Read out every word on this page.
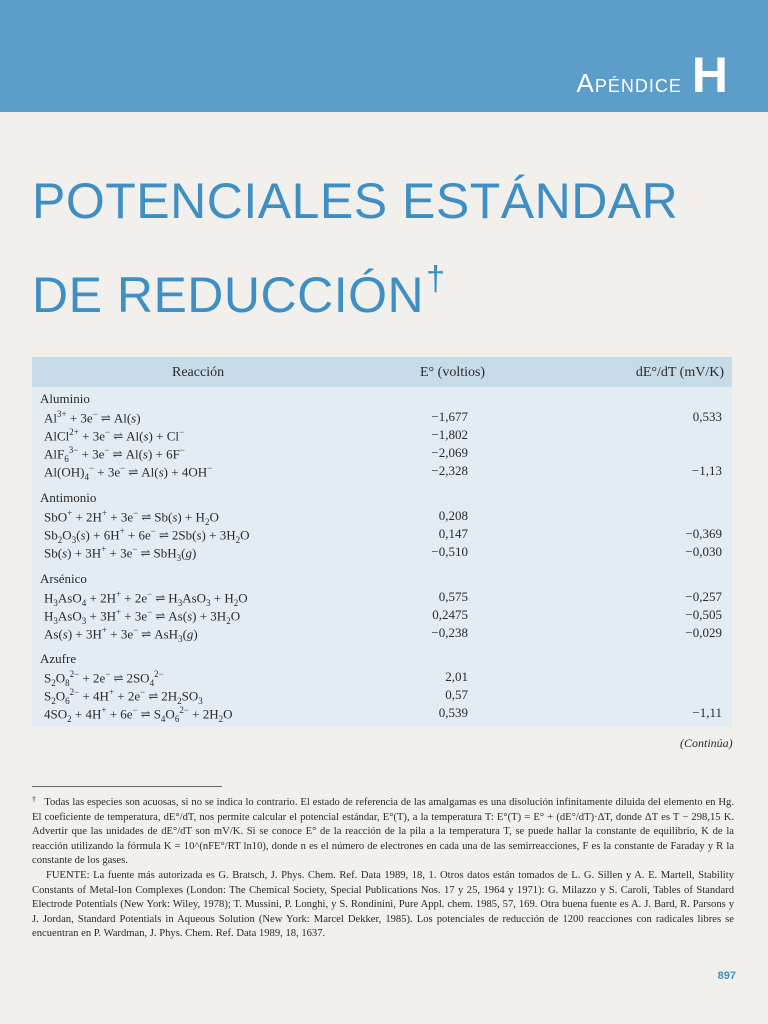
Apéndice H
POTENCIALES ESTÁNDAR
DE REDUCCIÓN†
Reacción	E° (voltios)	dE°/dT (mV/K)
Aluminio
$Al^{3+} + 3e^-$ ⇌ Al(s)	−1,677	0,533
AlCl$^{2+}$ + 3e− ⇌ Al(s) + Cl−	−1,802
AlF$_6^{3-}$ + 3e− ⇌ Al(s) + 6F−	−2,069
$Al(OH)_4^- + 3e^-$ ⇌ Al(s) + 4OH−	−2,328	−1,13
Antimonio
SbO+ + 2H+ + 3e− ⇌ $Sb(s) + H_2O$	0,208
$Sb_2O_3(s) + 6H^+ + 6e^-$ ⇌ $2Sb(s) + 3H_2O$	0,147	−0,369
Sb(s) + 3H+ + 3e− ⇌ SbH$_3$(g)	−0,510	−0,030
Arsénico
$H_3AsO_4 + 2H^+ + 2e^-$ ⇌ $H_3AsO_3 + H_2O$	0,575	−0,257
$H_3AsO_3 + 3H^+ + 3e^-$ ⇌ $As(s) + 3H_2O$	0,2475	−0,505
As(s) + 3H+ + 3e− ⇌ AsH$_3$(g)	−0,238	−0,029
Azufre
$S_2O_8^{2-} + 2e^-$ ⇌ $2SO_4^{2-}$	2,01
$S_2O_6^{2-} + 4H^+ + 2e^-$ ⇌ $2H_2SO_3$	0,57
$4SO_2 + 4H^+ + 6e^-$ ⇌ $S_4O_6^{2-} + 2H_2O$	0,539	−1,11
(Continúa)

† Todas las especies son acuosas, si no se indica lo contrario. El estado de referencia de las amalgamas es una disolución infinitamente diluida del elemento en Hg. El coeficiente de temperatura, dE°/dT, nos permite calcular el potencial estándar, E°(T), a la temperatura T: E°(T) = E° + (dE°/dT)·ΔT, donde ΔT es T − 298,15 K. Advertir que las unidades de dE°/dT son mV/K. Si se conoce E° de la reacción de la pila a la temperatura T, se puede hallar la constante de equilibrio, K de la reacción utilizando la fórmula K = 10^(nFE°/RT ln10), donde n es el número de electrones en cada una de las semirreacciones, F es la constante de Faraday y R la constante de los gases.

FUENTE: La fuente más autorizada es G. Bratsch, J. Phys. Chem. Ref. Data 1989, 18, 1. Otros datos están tomados de L. G. Sillen y A. E. Martell, Stability Constants of Metal-Ion Complexes (London: The Chemical Society, Special Publications Nos. 17 y 25, 1964 y 1971): G. Milazzo y S. Caroli, Tables of Standard Electrode Potentials (New York: Wiley, 1978); T. Mussini, P. Longhi, y S. Rondinini, Pure Appl. chem. 1985, 57, 169. Otra buena fuente es A. J. Bard, R. Parsons y J. Jordan, Standard Potentials in Aqueous Solution (New York: Marcel Dekker, 1985). Los potenciales de reducción de 1200 reacciones con radicales libres se encuentran en P. Wardman, J. Phys. Chem. Ref. Data 1989, 18, 1637.

897
